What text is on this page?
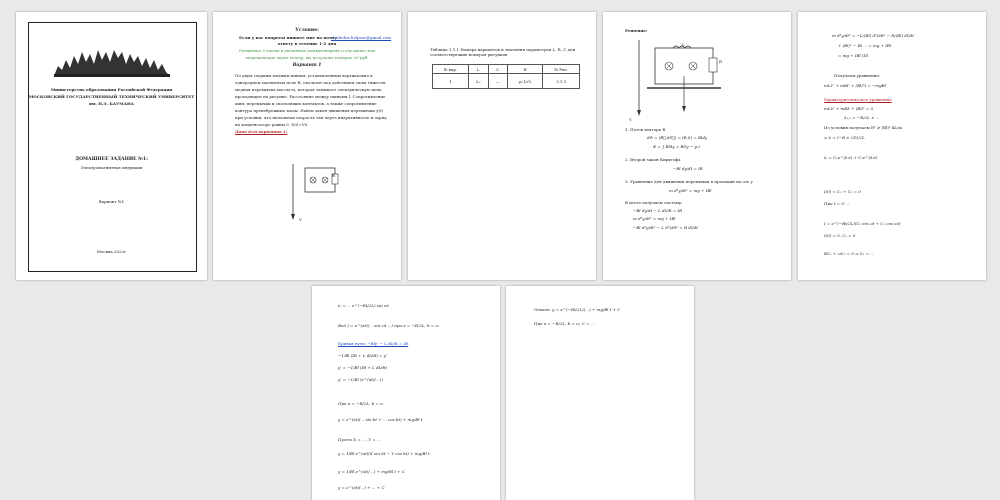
Министерство образования Российской Федерации
МОСКОВСКИЙ ГОСУДАРСТВЕННЫЙ ТЕХНИЧЕСКИЙ УНИВЕРСИТЕТ
им. Н.Э. БАУМАНА
ДОМАШНЕЕ ЗАДАНИЕ №1:
Электромагнитная индукция
Вариант №1
Москва,2022г
Условие:
Если у вас вопросы пишите мне на почту
studiofox.helpsor@gmail.com
ответу в течение 1-2 дня
Оставьте 3 поста в активных комментариях и сделайте мне
отрешающих через почту, вы получите подарок 20 руб.
Вариант 1
По двум гладким медным шинам, установленным вертикально в
однородном магнитном поле B, скользит под действием силы тяжести
медная перемычка массы m, которая замыкает электрическую цепь,
проходящую на рисунке. Расстояние между шинами l. Сопротивление
шин, перемычки и скользящих контактов, а также сопротивление
контура пренебрежимо малы. Найти закон движения перемычки y(t)
при условии, что начальная скорость так через индуктивность и заряд
на конденсаторе равны 0. I(0)=V0.
Дано для варианта 1:
R
Y
Таблица 3.1.1 Номера вариантов и значения параметров L, R, C для соответствующих номеров рисунков
№ вар.	L	C	R	№ Рис.
1	L₀	—	μ₀ l/√L	3.1.1
Решение:
L
R
Y
1. Поток вектора B
dΦ = (B⃗,dS⃗) = (B,S) = Bldy
Φ = ∫ Bldy = Bl(y − y₀)
2. Второй закон Кирхгофа
−Bl dy/dt = IR
3. Уравнение для движения перемычки в проекции на ось y
m d²y/dt² = mg + IBl
В итоге получаем систему:
−Bl dy/dt − L dI/dt = IR
m d²y/dt² = mg + IBl
−Bl d²y/dt² − L d²I/dt² = R dI/dt
m d³y/dt³ = −L/(Bl) d²I/dt² − R/(Bl) dI/dt
+ (Bl)² − IR ... = mg + IBl
= mg + IBl (II)
Получаем уравнение:
mLI'' + mRI' + (Bl)²I = −mgBl
Характеристическое уравнение
mLλ² + mRλ + (Bl)² = 0
λ₁,₂ = −R/2L ± ...
Из условия получаем R² ≥ (Bl)²·4L/m
⇒ λ = (−R ± √D)/2L
I₀ = C₁e^(λ₁t) + C₂e^(λ₂t)
I(0) = C₁ + C₂ = 0
При t = 0: ...
I = e^(−Rt/2L)(C₁ sin ωt + C₂ cos ωt)
I(0) = 0, C₂ = 0
BC₁ + ωC₂ = 0 ⇒ C₁ = ...
I₀ = ... e^(−Rt/2L) sin ωt
Вид I = e^(at)(... sin ωt ...) при a = −R/2L, b = ω
Кривая пути: −Bly' − L dI/dt = IR
−1/Bl (IR + L dI/dt) = y'
y' = −1/Bl (IR + L dI/dt)
y' = −1/Bl (e^(at)(...))
При a = −R/2L, b = ω
y = e^(at)(... sin bt + ... cos bt) + mg/Bl t
Пусть X = ..., Y = ...
y = 1/Bl e^(at)(X sin bt − Y cos bt) + mg/Bl t
y = 1/Bl e^(at)(...) + mg/Bl t + C
y = e^(at)(...) + ... + C
Ответ: y = e^(−Rt/2L)(...) + mg/Bl t + C
При a = −R/2L, b = ω; C = ...
